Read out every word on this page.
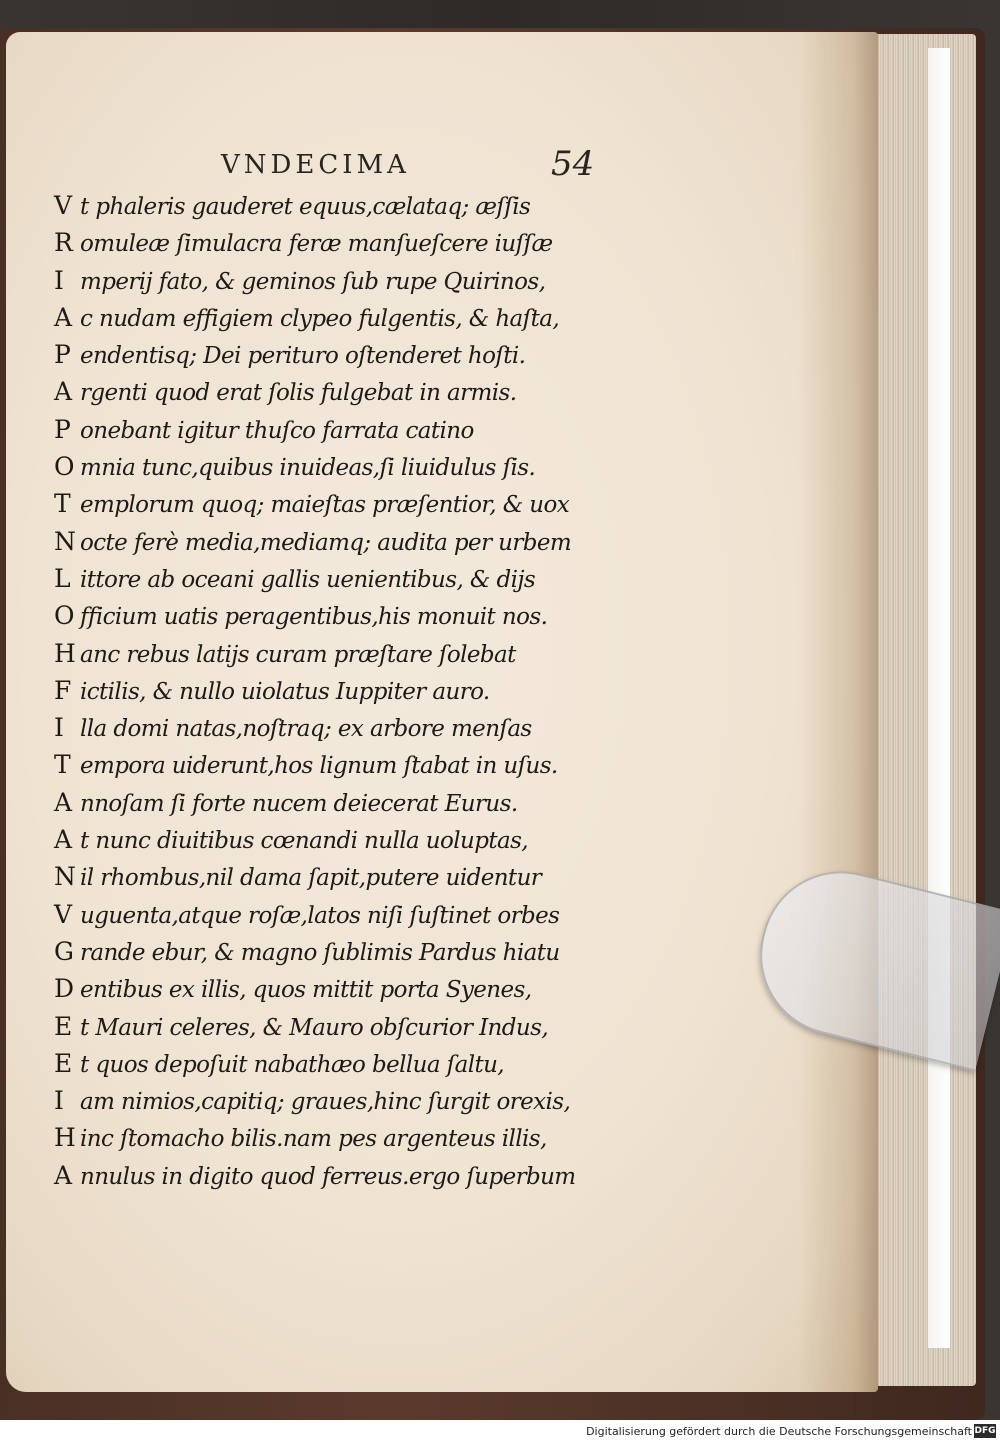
VNDECIMA	54
V t phaleris gauderet equus,cælataq; æſſis
R omuleæ ſimulacra feræ manſueſcere iuſſæ
I mperij fato, & geminos ſub rupe Quirinos,
A c nudam effigiem clypeo fulgentis, & haſta,
P endentisq; Dei perituro oſtenderet hoſti.
A rgenti quod erat ſolis fulgebat in armis.
P onebant igitur thuſco farrata catino
O mnia tunc,quibus inuideas,ſi liuidulus ſis.
T emplorum quoq; maieſtas præſentior, & uox
N octe ferè media,mediamq; audita per urbem
L ittore ab oceani gallis uenientibus, & dijs
O fficium uatis peragentibus,his monuit nos.
H anc rebus latijs curam præſtare ſolebat
F ictilis, & nullo uiolatus Iuppiter auro.
I lla domi natas,noſtraq; ex arbore menſas
T empora uiderunt,hos lignum ſtabat in uſus.
A nnoſam ſi forte nucem deiecerat Eurus.
A t nunc diuitibus cœnandi nulla uoluptas,
N il rhombus,nil dama ſapit,putere uidentur
V uguenta,atque roſæ,latos niſi ſuſtinet orbes
G rande ebur, & magno ſublimis Pardus hiatu
D entibus ex illis, quos mittit porta Syenes,
E t Mauri celeres, & Mauro obſcurior Indus,
E t quos depoſuit nabathæo bellua ſaltu,
I am nimios,capitiq; graues,hinc ſurgit orexis,
H inc ſtomacho bilis.nam pes argenteus illis,
A nnulus in digito quod ferreus.ergo ſuperbum
Digitalisierung gefördert durch die Deutsche Forschungsgemeinschaft DFG
